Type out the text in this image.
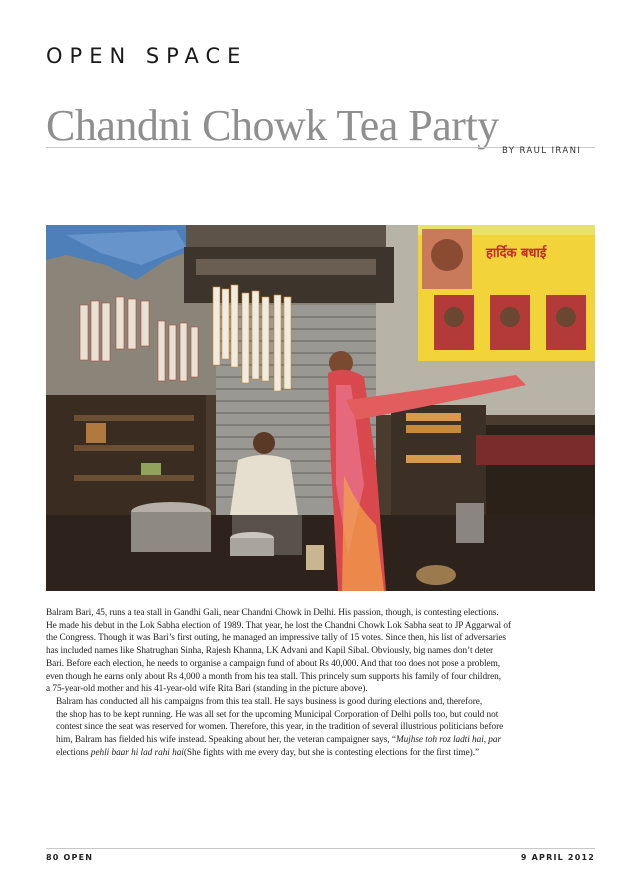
OPEN SPACE
Chandni Chowk Tea Party
BY RAUL IRANI
हार्दिक बधाई

Balram Bari, 45, runs a tea stall in Gandhi Gali, near Chandni Chowk in Delhi. His passion, though, is contesting elections.
He made his debut in the Lok Sabha election of 1989. That year, he lost the Chandni Chowk Lok Sabha seat to JP Aggarwal of
the Congress. Though it was Bari’s first outing, he managed an impressive tally of 15 votes. Since then, his list of adversaries
has included names like Shatrughan Sinha, Rajesh Khanna, LK Advani and Kapil Sibal. Obviously, big names don’t deter
Bari. Before each election, he needs to organise a campaign fund of about Rs 40,000. And that too does not pose a problem,
even though he earns only about Rs 4,000 a month from his tea stall. This princely sum supports his family of four children,
a 75-year-old mother and his 41-year-old wife Rita Bari (standing in the picture above).

Balram has conducted all his campaigns from this tea stall. He says business is good during elections and, therefore,
the shop has to be kept running. He was all set for the upcoming Municipal Corporation of Delhi polls too, but could not
contest since the seat was reserved for women. Therefore, this year, in the tradition of several illustrious politicians before
him, Balram has fielded his wife instead. Speaking about her, the veteran campaigner says, “Mujhse toh roz ladti hai, par
elections pehli baar hi lad rahi hai(She fights with me every day, but she is contesting elections for the first time).”

80 OPEN	9 APRIL 2012
